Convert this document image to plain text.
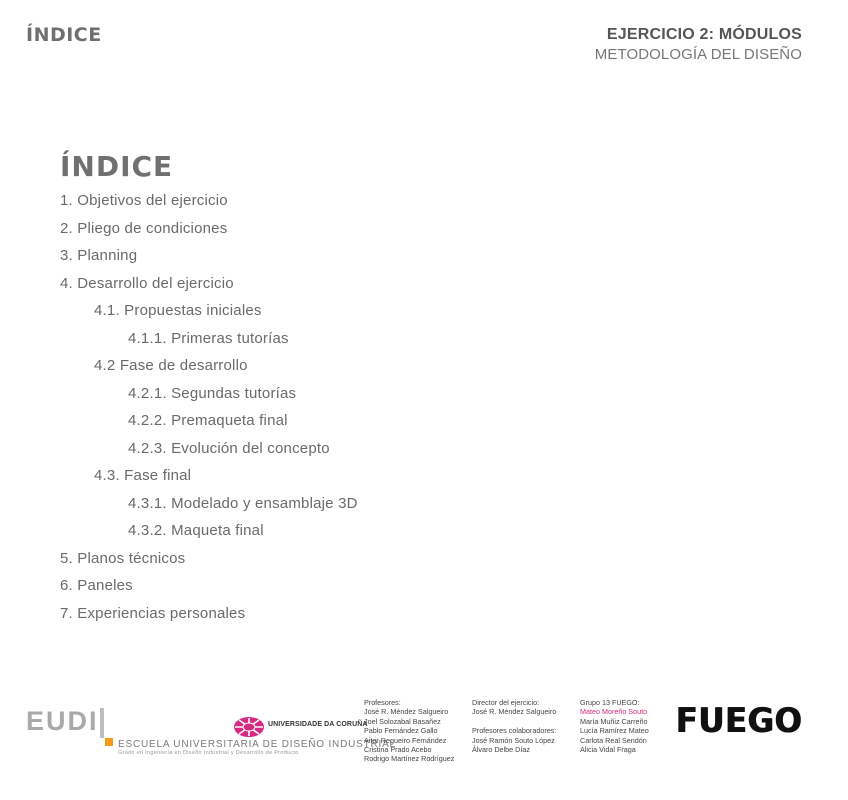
ÍNDICE	EJERCICIO 2: MÓDULOS
METODOLOGÍA DEL DISEÑO
ÍNDICE
1. Objetivos del ejercicio
2. Pliego de condiciones
3. Planning
4. Desarrollo del ejercicio
4.1. Propuestas iniciales
4.1.1. Primeras tutorías
4.2 Fase de desarrollo
4.2.1. Segundas tutorías
4.2.2. Premaqueta final
4.2.3. Evolución del concepto
4.3. Fase final
4.3.1. Modelado y ensamblaje 3D
4.3.2. Maqueta final
5. Planos técnicos
6. Paneles
7. Experiencias personales
EUDI
ESCUELA UNIVERSITARIA DE DISEÑO INDUSTRIAL
Grado en Ingeniería en Diseño Industrial y Desarrollo de Producto
UNIVERSIDADE DA CORUÑA
Profesores:
José R. Méndez Salgueiro
Joel Solozabal Basañez
Pablo Fernández Gallo
Aitor Regueiro Fernández
Cristina Prado Acebo
Rodrigo Martínez Rodríguez
Director del ejercicio:
José R. Méndez Salgueiro
Profesores colaboradores:
José Ramón Souto López
Álvaro Delbe Díaz
Grupo 13 FUEGO:
Mateo Moreño Souto
María Muñiz Carreño
Lucía Ramírez Mateo
Carlota Real Sendón
Alicia Vidal Fraga
FUEGO
